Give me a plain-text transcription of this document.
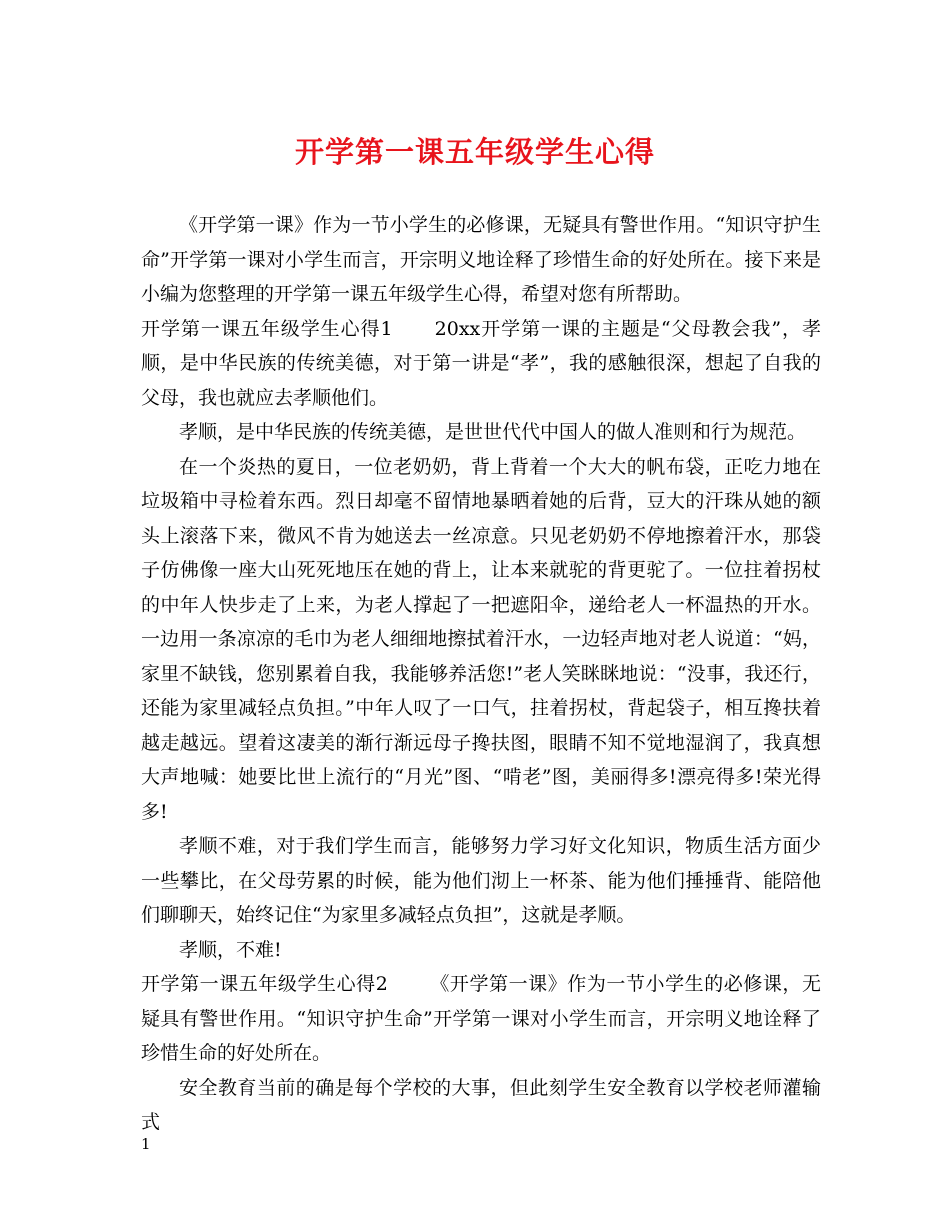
开学第一课五年级学生心得

《开学第一课》作为一节小学生的必修课，无疑具有警世作用。“知识守护生命”开学第一课对小学生而言，开宗明义地诠释了珍惜生命的好处所在。接下来是小编为您整理的开学第一课五年级学生心得，希望对您有所帮助。

开学第一课五年级学生心得1 20xx开学第一课的主题是“父母教会我”，孝顺，是中华民族的传统美德，对于第一讲是“孝”，我的感触很深，想起了自我的父母，我也就应去孝顺他们。

孝顺，是中华民族的传统美德，是世世代代中国人的做人准则和行为规范。

在一个炎热的夏日，一位老奶奶，背上背着一个大大的帆布袋，正吃力地在垃圾箱中寻检着东西。烈日却毫不留情地暴晒着她的后背，豆大的汗珠从她的额头上滚落下来，微风不肯为她送去一丝凉意。只见老奶奶不停地擦着汗水，那袋子仿佛像一座大山死死地压在她的背上，让本来就驼的背更驼了。一位拄着拐杖的中年人快步走了上来，为老人撑起了一把遮阳伞，递给老人一杯温热的开水。一边用一条凉凉的毛巾为老人细细地擦拭着汗水，一边轻声地对老人说道：“妈，家里不缺钱，您别累着自我，我能够养活您!”老人笑眯眯地说：“没事，我还行，还能为家里减轻点负担。”中年人叹了一口气，拄着拐杖，背起袋子，相互搀扶着越走越远。望着这凄美的渐行渐远母子搀扶图，眼睛不知不觉地湿润了，我真想大声地喊：她要比世上流行的“月光”图、“啃老”图，美丽得多!漂亮得多!荣光得多!

孝顺不难，对于我们学生而言，能够努力学习好文化知识，物质生活方面少一些攀比，在父母劳累的时候，能为他们沏上一杯茶、能为他们捶捶背、能陪他们聊聊天，始终记住“为家里多减轻点负担”，这就是孝顺。

孝顺，不难!

开学第一课五年级学生心得2 《开学第一课》作为一节小学生的必修课，无疑具有警世作用。“知识守护生命”开学第一课对小学生而言，开宗明义地诠释了珍惜生命的好处所在。

安全教育当前的确是每个学校的大事，但此刻学生安全教育以学校老师灌输式

1
